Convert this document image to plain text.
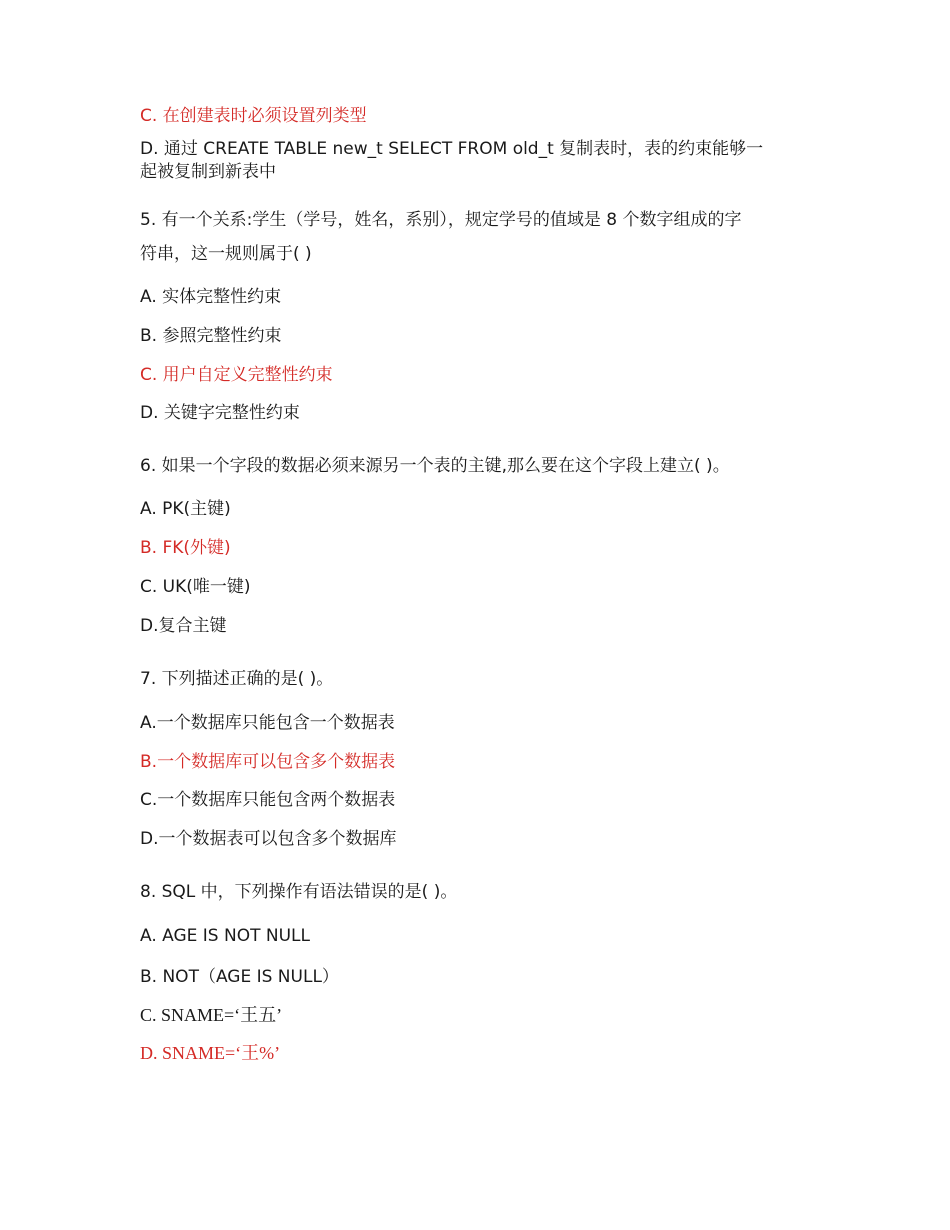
C. 在创建表时必须设置列类型
D. 通过 CREATE TABLE new_t SELECT FROM old_t 复制表时，表的约束能够一
起被复制到新表中
5. 有一个关系:学生（学号，姓名，系别），规定学号的值域是 8 个数字组成的字
符串，这一规则属于( )
A. 实体完整性约束
B. 参照完整性约束
C. 用户自定义完整性约束
D. 关键字完整性约束
6. 如果一个字段的数据必须来源另一个表的主键,那么要在这个字段上建立( )。
A. PK(主键)
B. FK(外键)
C. UK(唯一键)
D.复合主键
7. 下列描述正确的是( )。
A.一个数据库只能包含一个数据表
B.一个数据库可以包含多个数据表
C.一个数据库只能包含两个数据表
D.一个数据表可以包含多个数据库
8. SQL 中，下列操作有语法错误的是( )。
A. AGE IS NOT NULL
B. NOT（AGE IS NULL）
C. SNAME=‘王五’
D. SNAME=‘王%’
